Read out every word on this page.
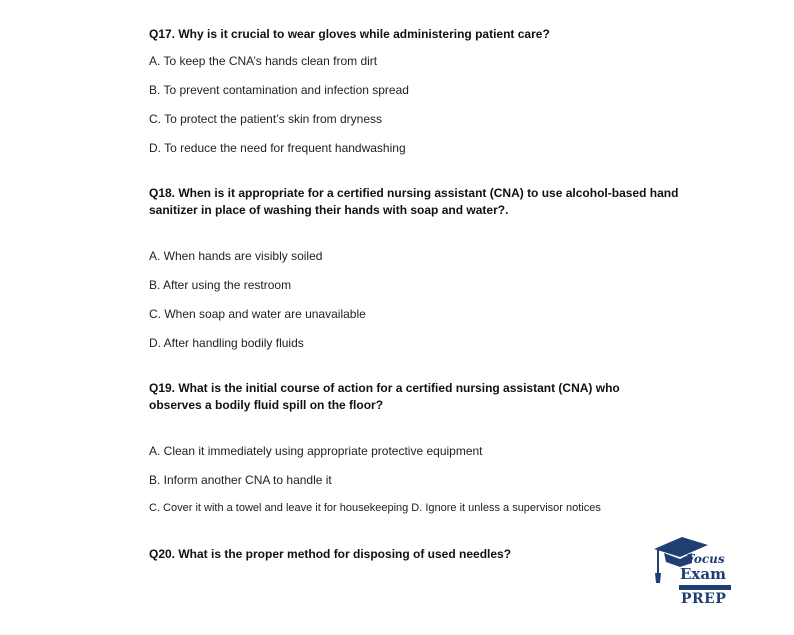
Q17. Why is it crucial to wear gloves while administering patient care?
A. To keep the CNA’s hands clean from dirt
B. To prevent contamination and infection spread
C. To protect the patient’s skin from dryness
D. To reduce the need for frequent handwashing
Q18. When is it appropriate for a certified nursing assistant (CNA) to use alcohol-based hand sanitizer in place of washing their hands with soap and water?.
A. When hands are visibly soiled
B. After using the restroom
C. When soap and water are unavailable
D. After handling bodily fluids
Q19. What is the initial course of action for a certified nursing assistant (CNA) who observes a bodily fluid spill on the floor?
A. Clean it immediately using appropriate protective equipment
B. Inform another CNA to handle it
C. Cover it with a towel and leave it for housekeeping D. Ignore it unless a supervisor notices
Q20. What is the proper method for disposing of used needles?	Focus
Exam
PREP
